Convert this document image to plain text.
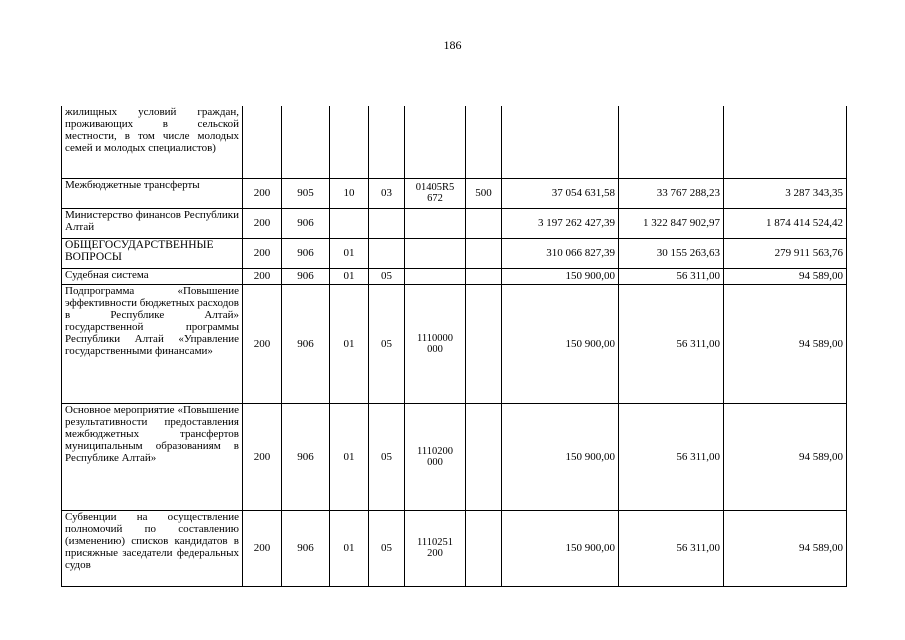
186
жилищных условий граждан, проживающих в сельской местности, в том числе молодых семей и молодых специалистов)									
Межбюджетные трансферты	200	905	10	03	01405R5 672	500	37 054 631,58	33 767 288,23	3 287 343,35
Министерство финансов Республики Алтай	200	906					3 197 262 427,39	1 322 847 902,97	1 874 414 524,42
ОБЩЕГОСУДАРСТВЕННЫЕ ВОПРОСЫ	200	906	01				310 066 827,39	30 155 263,63	279 911 563,76
Судебная система	200	906	01	05			150 900,00	56 311,00	94 589,00
Подпрограмма «Повышение эффективности бюджетных расходов в Республике Алтай» государственной программы Республики Алтай «Управление государственными финансами»	200	906	01	05	1110000 000		150 900,00	56 311,00	94 589,00
Основное мероприятие «Повышение результативности предоставления межбюджетных трансфертов муниципальным образованиям в Республике Алтай»	200	906	01	05	1110200 000		150 900,00	56 311,00	94 589,00
Субвенции на осуществление полномочий по составлению (изменению) списков кандидатов в присяжные заседатели федеральных судов	200	906	01	05	1110251 200		150 900,00	56 311,00	94 589,00
